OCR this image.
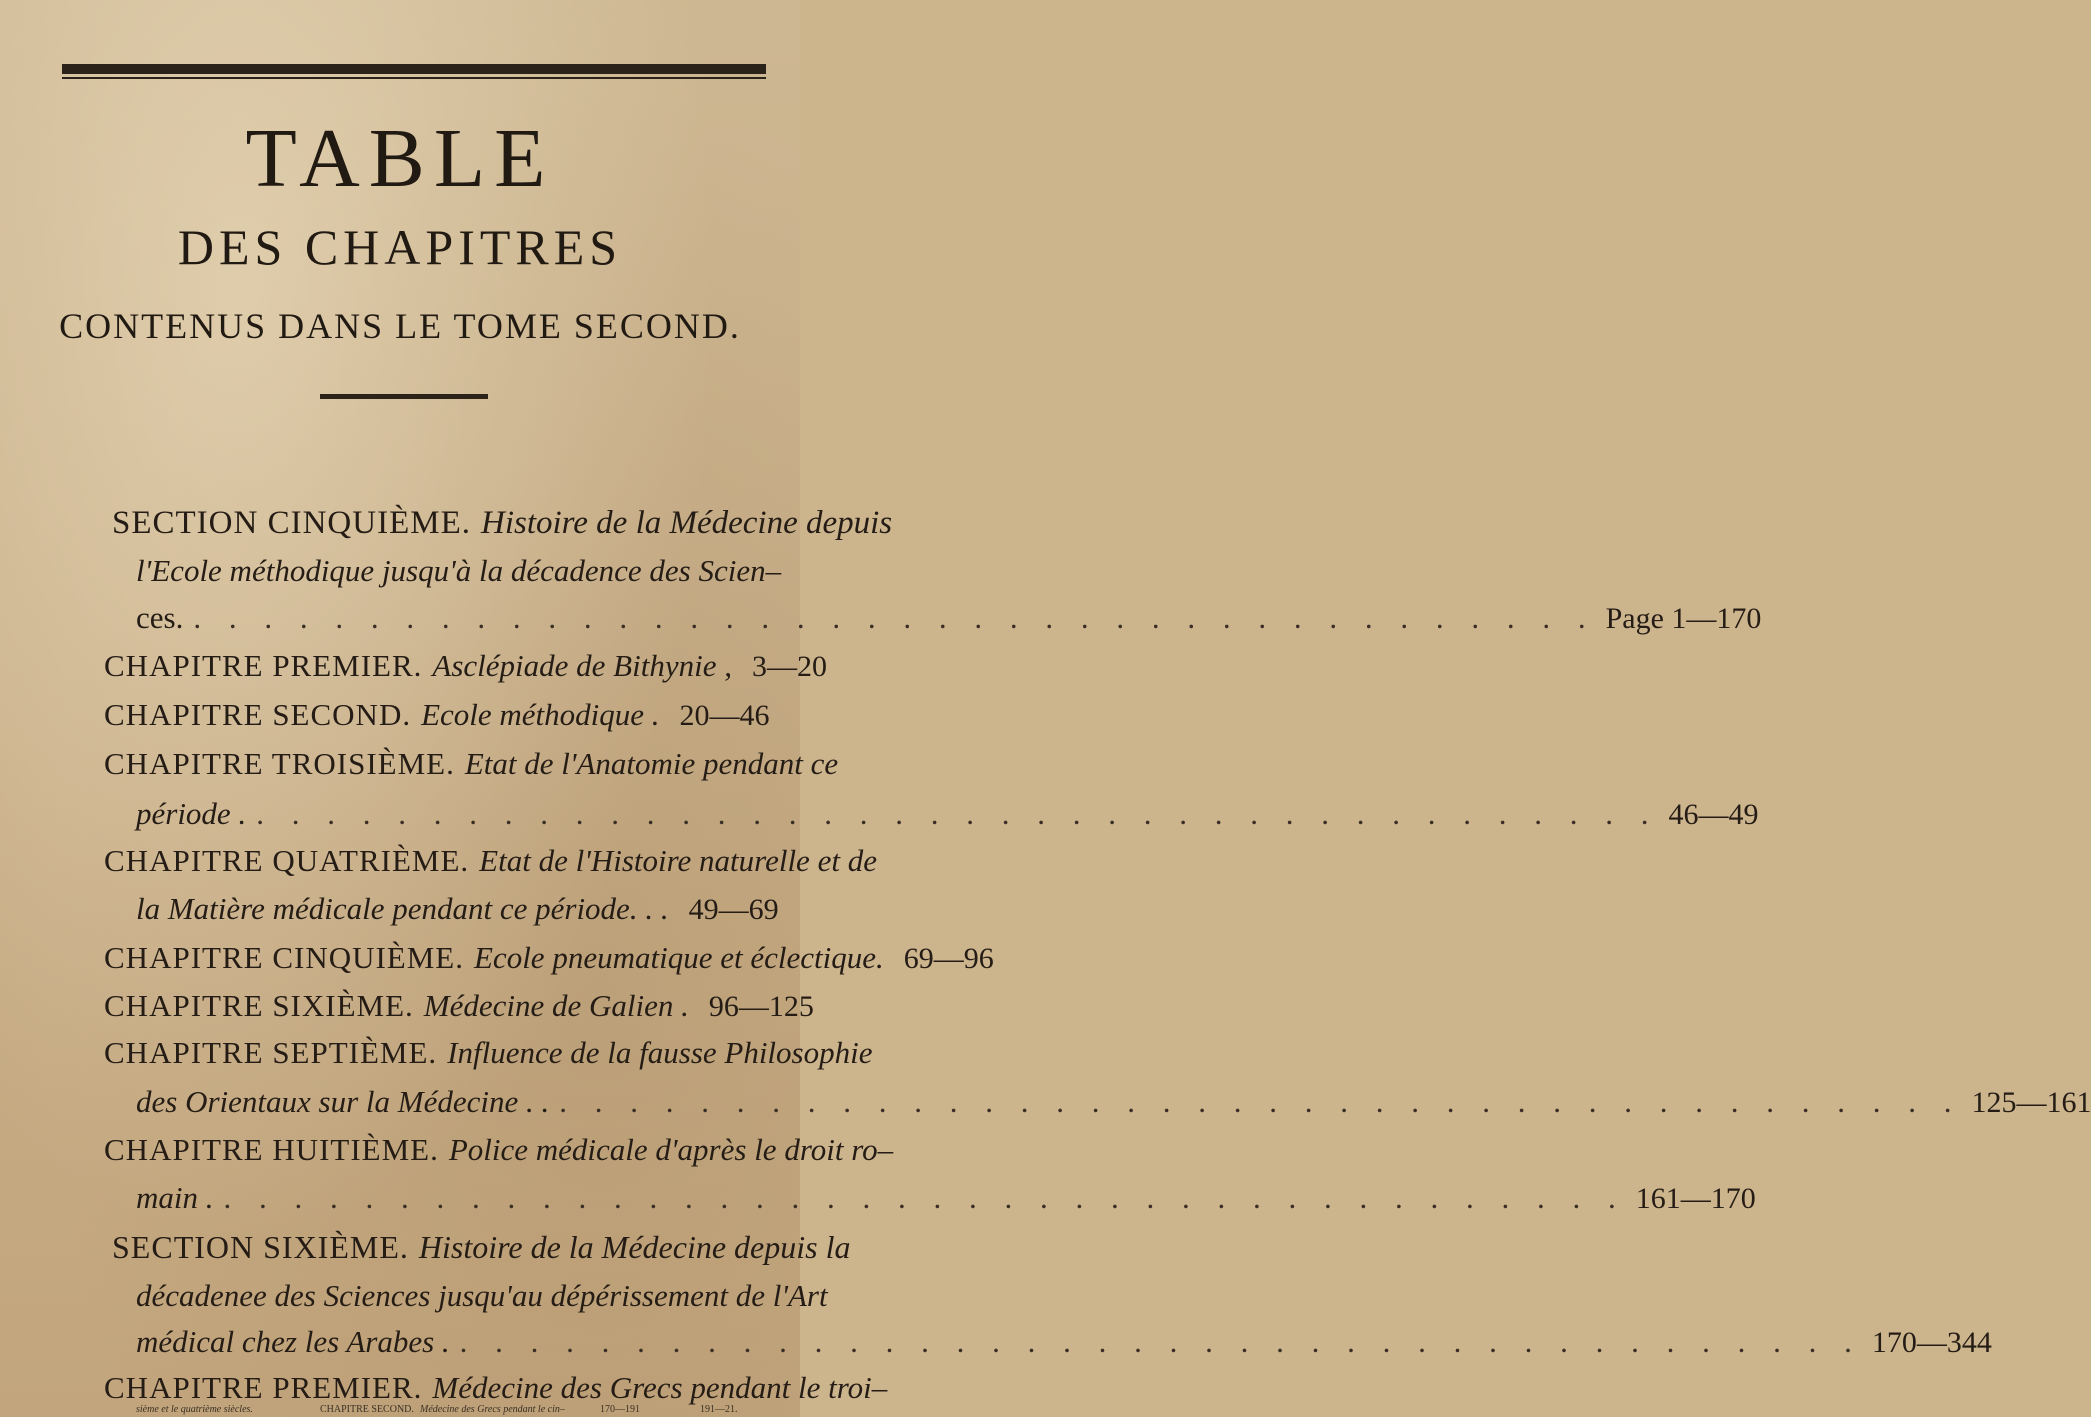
TABLE
DES CHAPITRES
CONTENUS DANS LE TOME SECOND.
SECTION CINQUIÈME. Histoire de la Médecine depuis
l'Ecole méthodique jusqu'à la décadence des Scien–
ces. . . . . . . . . . . . . . . . . . . . . . . . . . . . . . . . . . . . . . . . . Page 1—170
CHAPITRE PREMIER. Asclépiade de Bithynie , 3—20
CHAPITRE SECOND. Ecole méthodique . 20—46
CHAPITRE TROISIÈME. Etat de l'Anatomie pendant ce
période . . . . . . . . . . . . . . . . . . . . . . . . . . . . . . . . . . . . . . . . . 46—49
CHAPITRE QUATRIÈME. Etat de l'Histoire naturelle et de
la Matière médicale pendant ce période. . . 49—69
CHAPITRE CINQUIÈME. Ecole pneumatique et éclectique. 69—96
CHAPITRE SIXIÈME. Médecine de Galien . 96—125
CHAPITRE SEPTIÈME. Influence de la fausse Philosophie
des Orientaux sur la Médecine . . . . . . . . . . . . . . . . . . . . . . . . . . . . . . . . . . . . . . . . . . 125—161
CHAPITRE HUITIÈME. Police médicale d'après le droit ro–
main . . . . . . . . . . . . . . . . . . . . . . . . . . . . . . . . . . . . . . . . . 161—170
SECTION SIXIÈME. Histoire de la Médecine depuis la
décadenee des Sciences jusqu'au dépérissement de l'Art
médical chez les Arabes . . . . . . . . . . . . . . . . . . . . . . . . . . . . . . . . . . . . . . . . . 170—344
CHAPITRE PREMIER. Médecine des Grecs pendant le troi–
sième et le quatrième siècles.	170—191
CHAPITRE SECOND. Médecine des Grecs pendant le cin–	191—21.
